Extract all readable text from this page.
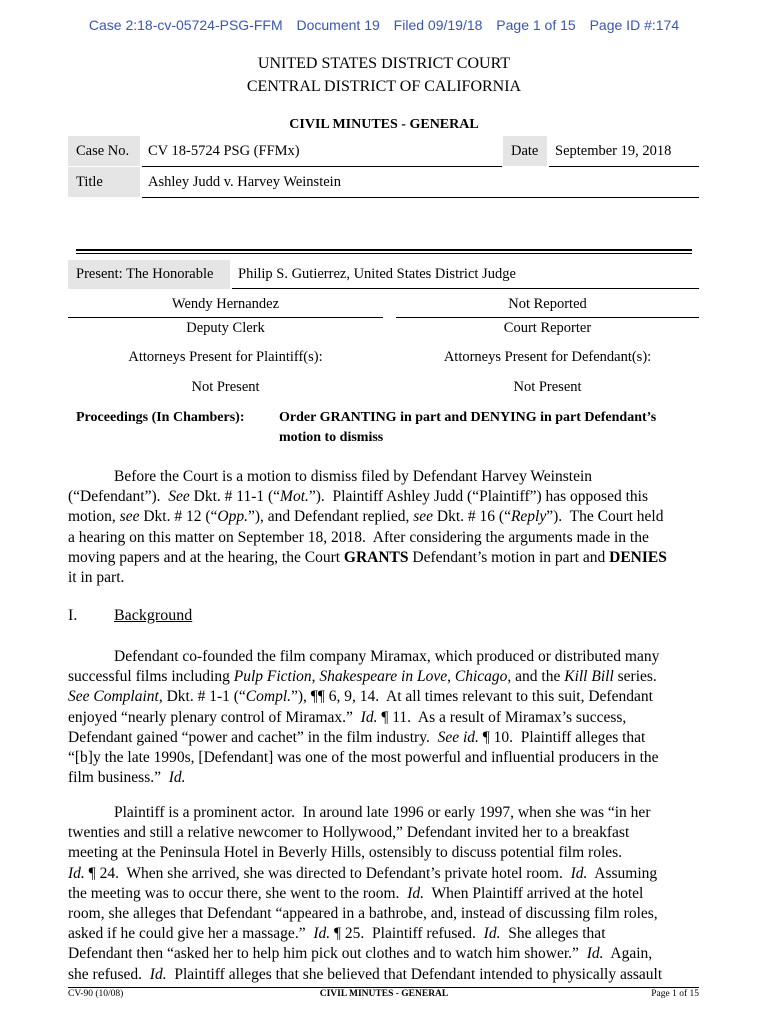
Case 2:18-cv-05724-PSG-FFM Document 19 Filed 09/19/18 Page 1 of 15 Page ID #:174
UNITED STATES DISTRICT COURT
CENTRAL DISTRICT OF CALIFORNIA
CIVIL MINUTES - GENERAL
Case No.	CV 18-5724 PSG (FFMx)	Date	September 19, 2018
Title	Ashley Judd v. Harvey Weinstein
Present: The Honorable	Philip S. Gutierrez, United States District Judge
Wendy Hernandez
Deputy Clerk
Not Reported
Court Reporter
Attorneys Present for Plaintiff(s):	Attorneys Present for Defendant(s):
Not Present	Not Present
Proceedings (In Chambers): Order GRANTING in part and DENYING in part Defendant’s
motion to dismiss
Before the Court is a motion to dismiss filed by Defendant Harvey Weinstein
(“Defendant”).  See Dkt. # 11-1 (“Mot.”).  Plaintiff Ashley Judd (“Plaintiff”) has opposed this
motion, see Dkt. # 12 (“Opp.”), and Defendant replied, see Dkt. # 16 (“Reply”).  The Court held
a hearing on this matter on September 18, 2018.  After considering the arguments made in the
moving papers and at the hearing, the Court GRANTS Defendant’s motion in part and DENIES
it in part.
I. Background
Defendant co-founded the film company Miramax, which produced or distributed many
successful films including Pulp Fiction, Shakespeare in Love, Chicago, and the Kill Bill series.
See Complaint, Dkt. # 1-1 (“Compl.”), ¶¶ 6, 9, 14.  At all times relevant to this suit, Defendant
enjoyed “nearly plenary control of Miramax.”  Id. ¶ 11.  As a result of Miramax’s success,
Defendant gained “power and cachet” in the film industry.  See id. ¶ 10.  Plaintiff alleges that
“[b]y the late 1990s, [Defendant] was one of the most powerful and influential producers in the
film business.”  Id.
Plaintiff is a prominent actor.  In around late 1996 or early 1997, when she was “in her
twenties and still a relative newcomer to Hollywood,” Defendant invited her to a breakfast
meeting at the Peninsula Hotel in Beverly Hills, ostensibly to discuss potential film roles.
Id. ¶ 24.  When she arrived, she was directed to Defendant’s private hotel room.  Id.  Assuming
the meeting was to occur there, she went to the room.  Id.  When Plaintiff arrived at the hotel
room, she alleges that Defendant “appeared in a bathrobe, and, instead of discussing film roles,
asked if he could give her a massage.”  Id. ¶ 25.  Plaintiff refused.  Id.  She alleges that
Defendant then “asked her to help him pick out clothes and to watch him shower.”  Id.  Again,
she refused.  Id.  Plaintiff alleges that she believed that Defendant intended to physically assault
CV-90 (10/08)	CIVIL MINUTES - GENERAL	Page 1 of 15
